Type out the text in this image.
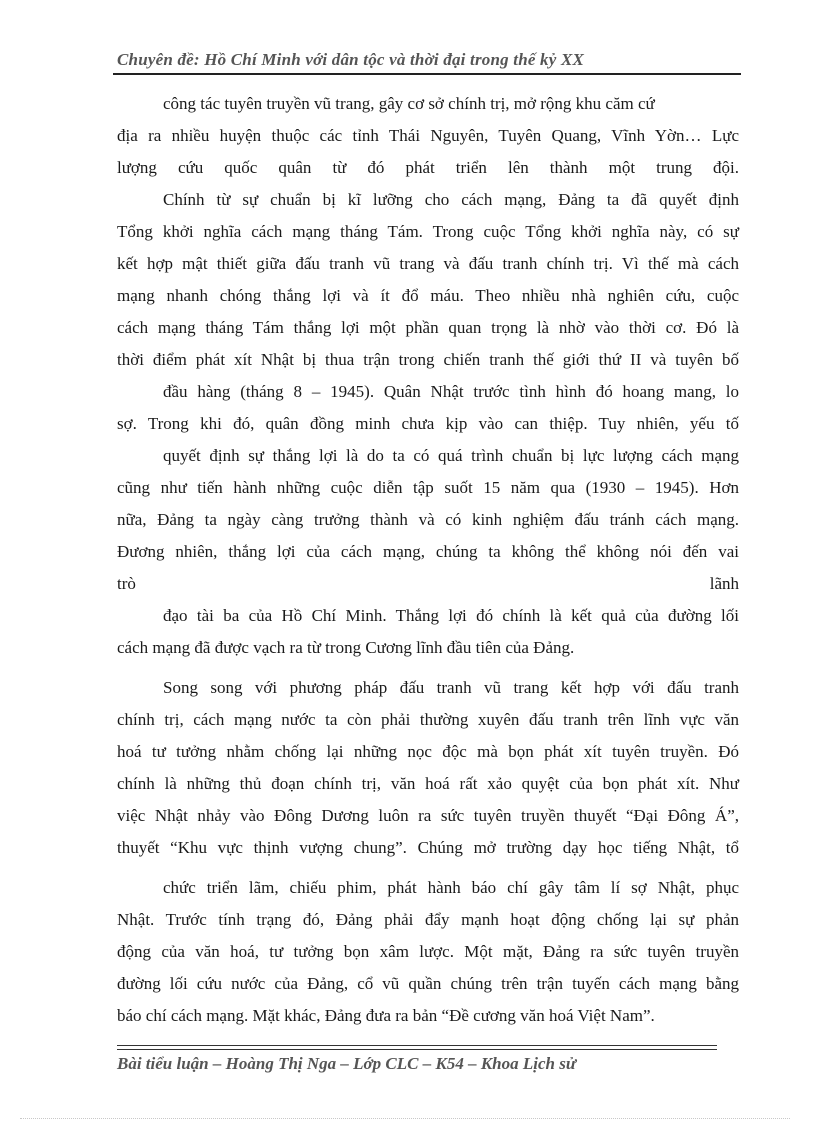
Chuyên đề: Hồ Chí Minh với dân tộc và thời đại trong thế kỷ XX
công tác tuyên truyền vũ trang, gây cơ sở chính trị, mở rộng khu căm cứ
địa ra nhiều huyện thuộc các tỉnh Thái Nguyên, Tuyên Quang, Vĩnh Yờn… Lực
lượng cứu quốc quân từ đó phát triển lên thành một trung đội.
Chính từ sự chuẩn bị kĩ lưỡng cho cách mạng, Đảng ta đã quyết định
Tổng khởi nghĩa cách mạng tháng Tám. Trong cuộc Tổng khởi nghĩa này, có sự
kết hợp mật thiết giữa đấu tranh vũ trang và đấu tranh chính trị. Vì thế mà cách
mạng nhanh chóng thắng lợi và ít đổ máu. Theo nhiều nhà nghiên cứu, cuộc
cách mạng tháng Tám thắng lợi một phần quan trọng là nhờ vào thời cơ. Đó là
thời điểm phát xít Nhật bị thua trận trong chiến tranh thế giới thứ II và tuyên bố
đầu hàng (tháng 8 – 1945). Quân Nhật trước tình hình đó hoang mang, lo
sợ. Trong khi đó, quân đồng minh chưa kịp vào can thiệp. Tuy nhiên, yếu tố
quyết định sự thắng lợi là do ta có quá trình chuẩn bị lực lượng cách mạng
cũng như tiến hành những cuộc diễn tập suốt 15 năm qua (1930 – 1945). Hơn
nữa, Đảng ta ngày càng trưởng thành và có kinh nghiệm đấu tránh cách mạng.
Đương nhiên, thắng lợi của cách mạng, chúng ta không thể không nói đến vai
trò lãnh
đạo tài ba của Hồ Chí Minh. Thắng lợi đó chính là kết quả của đường lối
cách mạng đã được vạch ra từ trong Cương lĩnh đầu tiên của Đảng.
Song song với phương pháp đấu tranh vũ trang kết hợp với đấu tranh
chính trị, cách mạng nước ta còn phải thường xuyên đấu tranh trên lĩnh vực văn
hoá tư tưởng nhằm chống lại những nọc độc mà bọn phát xít tuyên truyền. Đó
chính là những thủ đoạn chính trị, văn hoá rất xảo quyệt của bọn phát xít. Như
việc Nhật nhảy vào Đông Dương luôn ra sức tuyên truyền thuyết “Đại Đông Á”,
thuyết “Khu vực thịnh vượng chung”. Chúng mở trường dạy học tiếng Nhật, tổ
chức triển lãm, chiếu phim, phát hành báo chí gây tâm lí sợ Nhật, phục
Nhật. Trước tính trạng đó, Đảng phải đẩy mạnh hoạt động chống lại sự phản
động của văn hoá, tư tưởng bọn xâm lược. Một mặt, Đảng ra sức tuyên truyền
đường lối cứu nước của Đảng, cổ vũ quần chúng trên trận tuyến cách mạng bằng
báo chí cách mạng. Mặt khác, Đảng đưa ra bản “Đề cương văn hoá Việt Nam”.
Bài tiểu luận – Hoàng Thị Nga – Lớp CLC – K54 – Khoa Lịch sử
